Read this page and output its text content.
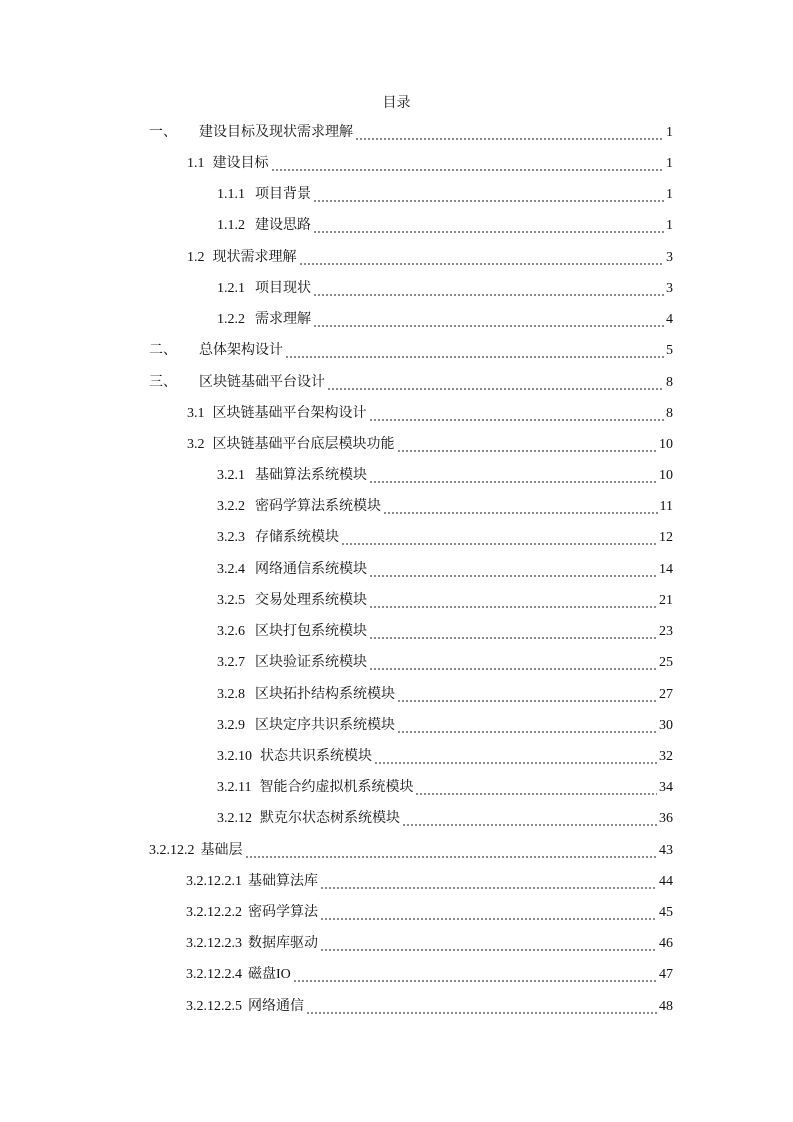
目录
一、 建设目标及现状需求理解	1
1.1 建设目标	1
1.1.1 项目背景	1
1.1.2 建设思路	1
1.2 现状需求理解	3
1.2.1 项目现状	3
1.2.2 需求理解	4
二、 总体架构设计	5
三、 区块链基础平台设计	8
3.1 区块链基础平台架构设计	8
3.2 区块链基础平台底层模块功能	10
3.2.1 基础算法系统模块	10
3.2.2 密码学算法系统模块	11
3.2.3 存储系统模块	12
3.2.4 网络通信系统模块	14
3.2.5 交易处理系统模块	21
3.2.6 区块打包系统模块	23
3.2.7 区块验证系统模块	25
3.2.8 区块拓扑结构系统模块	27
3.2.9 区块定序共识系统模块	30
3.2.10 状态共识系统模块	32
3.2.11 智能合约虚拟机系统模块	34
3.2.12 默克尔状态树系统模块	36
3.2.12.2 基础层	43
3.2.12.2.1 基础算法库	44
3.2.12.2.2 密码学算法	45
3.2.12.2.3 数据库驱动	46
3.2.12.2.4 磁盘IO	47
3.2.12.2.5 网络通信	48
